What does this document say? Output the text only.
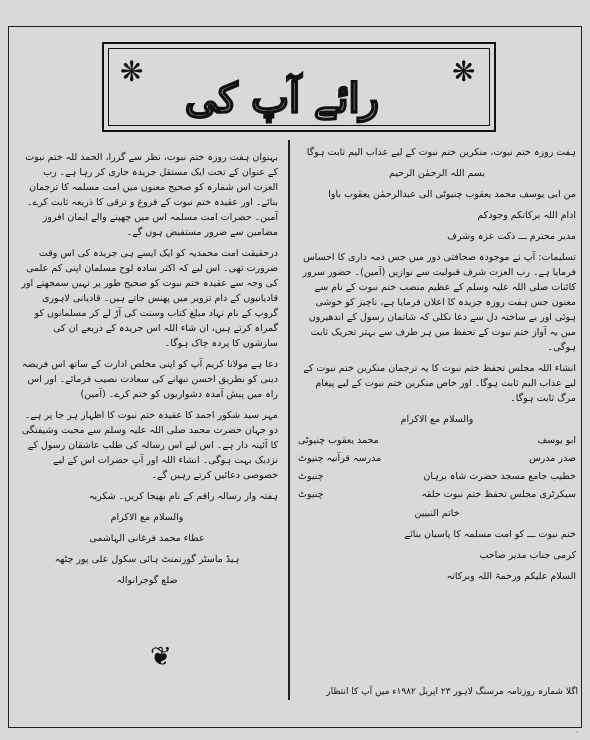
❋	❋
رائے آپ کی

ہفت روزہ ختم نبوت، منکرین ختم نبوت کے لیے عذاب الیم ثابت ہوگا

بسم اللہ الرحمٰن الرحیم

من ابی یوسف محمد یعقوب چنیوٹی الی عبدالرحمٰن یعقوب باوا

ادام اللہ برکاتکم وجودکم

مدیر محترم ـــ ذکت عزہ وشرف

تسلیمات: آپ نے موجودہ صحافتی دور میں جس ذمہ داری کا احساس فرمایا ہے۔ رب العزت شرف قبولیت سے نوازیں (آمین)۔ حضور سرور کائنات صلی اللہ علیہ وسلم کے عظیم منصب ختم نبوت کے نام سے معنون جس ہفت روزہ جریدہ کا اعلان فرمایا ہے، ناچیز کو خوشی ہوئی اور بے ساختہ دل سے دعا نکلی کہ شاتمان رسول کے اندھیروں میں یہ آواز ختم نبوت کے تحفظ میں ہر طرف سے بہتر تحریک ثابت ہوگی۔

انشاء اللہ مجلس تحفظ ختم نبوت کا یہ ترجمان منکرین ختم نبوت کے لیے عذاب الیم ثابت ہوگا۔ اور خاص منکرین ختم نبوت کے لیے پیغام مرگ ثابت ہوگا۔

والسلام مع الاکرام

ابو یوسف
محمد یعقوب چنیوٹی
صدر مدرس
مدرسہ قرآنیہ چنیوٹ
خطیب جامع مسجد حضرت شاہ برہان
چنیوٹ
سیکرٹری مجلس تحفظ ختم نبوت حلقہ
چنیوٹ

خاتم النبیین

ختم نبوت ـــ کو امت مسلمہ کا پاسبان بنائے

کرمی جناب مدیر صاحب

السلام علیکم ورحمۃ اللہ وبرکاتہ

اگلا شمارہ روزنامہ مرسنگ لاہور ۲۳ اپریل ۱۹۸۲ء میں آپ کا انتظار

بہنوان ہفت روزہ ختم نبوت، نظر سے گزرا، الحمد للہ ختم نبوت کے عنوان کے تحت ایک مستقل جریدہ جاری کر رہا ہے۔ رب العزت اس شمارہ کو صحیح معنوں میں امت مسلمہ کا ترجمان بنائے۔ اور عقیدہ ختم نبوت کے فروغ و ترقی کا ذریعہ ثابت کرے۔ آمین۔ حضرات امت مسلمہ اس میں چھپنے والے ایمان افروز مضامین سے ضرور مستفیض ہوں گے۔

درحقیقت امت محمدیہ کو ایک ایسے ہی جریدہ کی اس وقت ضرورت تھی۔ اس لیے کہ اکثر سادہ لوح مسلمان اپنی کم علمی کی وجہ سے عقیدہ ختم نبوت کو صحیح طور پر نہیں سمجھتے اور قادیانیوں کے دام تزویر میں پھنس جاتے ہیں۔ قادیانی لاہوری گروپ کے نام نہاد مبلغ کتاب وسنت کی آڑ لے کر مسلمانوں کو گمراہ کرتے ہیں، ان شاء اللہ اس جریدہ کے ذریعے ان کی سازشوں کا پردہ چاک ہوگا۔

دعا ہے مولانا کریم آپ کو اپنی مخلص ادارت کے ساتھ اس فریضہ دینی کو بطریق احسن نبھانے کی سعادت نصیب فرمائے۔ اور اس راہ میں پیش آمدہ دشواریوں کو ختم کرے۔ (آمین)

مہر سید شکور احمد کا عقیدہ ختم نبوت کا اظہار ہر جا پر ہے۔ دو جہان حضرت محمد صلی اللہ علیہ وسلم سے محبت وشیفتگی کا آئینہ دار ہے۔ اس لیے اس رسالہ کی طلب عاشقان رسول کے نزدیک بہت ہوگی۔ انشاء اللہ اور آپ حضرات اس کے لیے خصوصی دعائیں کرتے رہیں گے۔

ہفتہ وار رسالہ راقم کے نام بھیجا کریں۔ شکریہ

والسلام مع الاکرام

عطاء محمد فرغانی الہاشمی

ہیڈ ماسٹر گورنمنٹ ہائی سکول علی پور چٹھہ

ضلع گوجرانوالہ

❦
·
